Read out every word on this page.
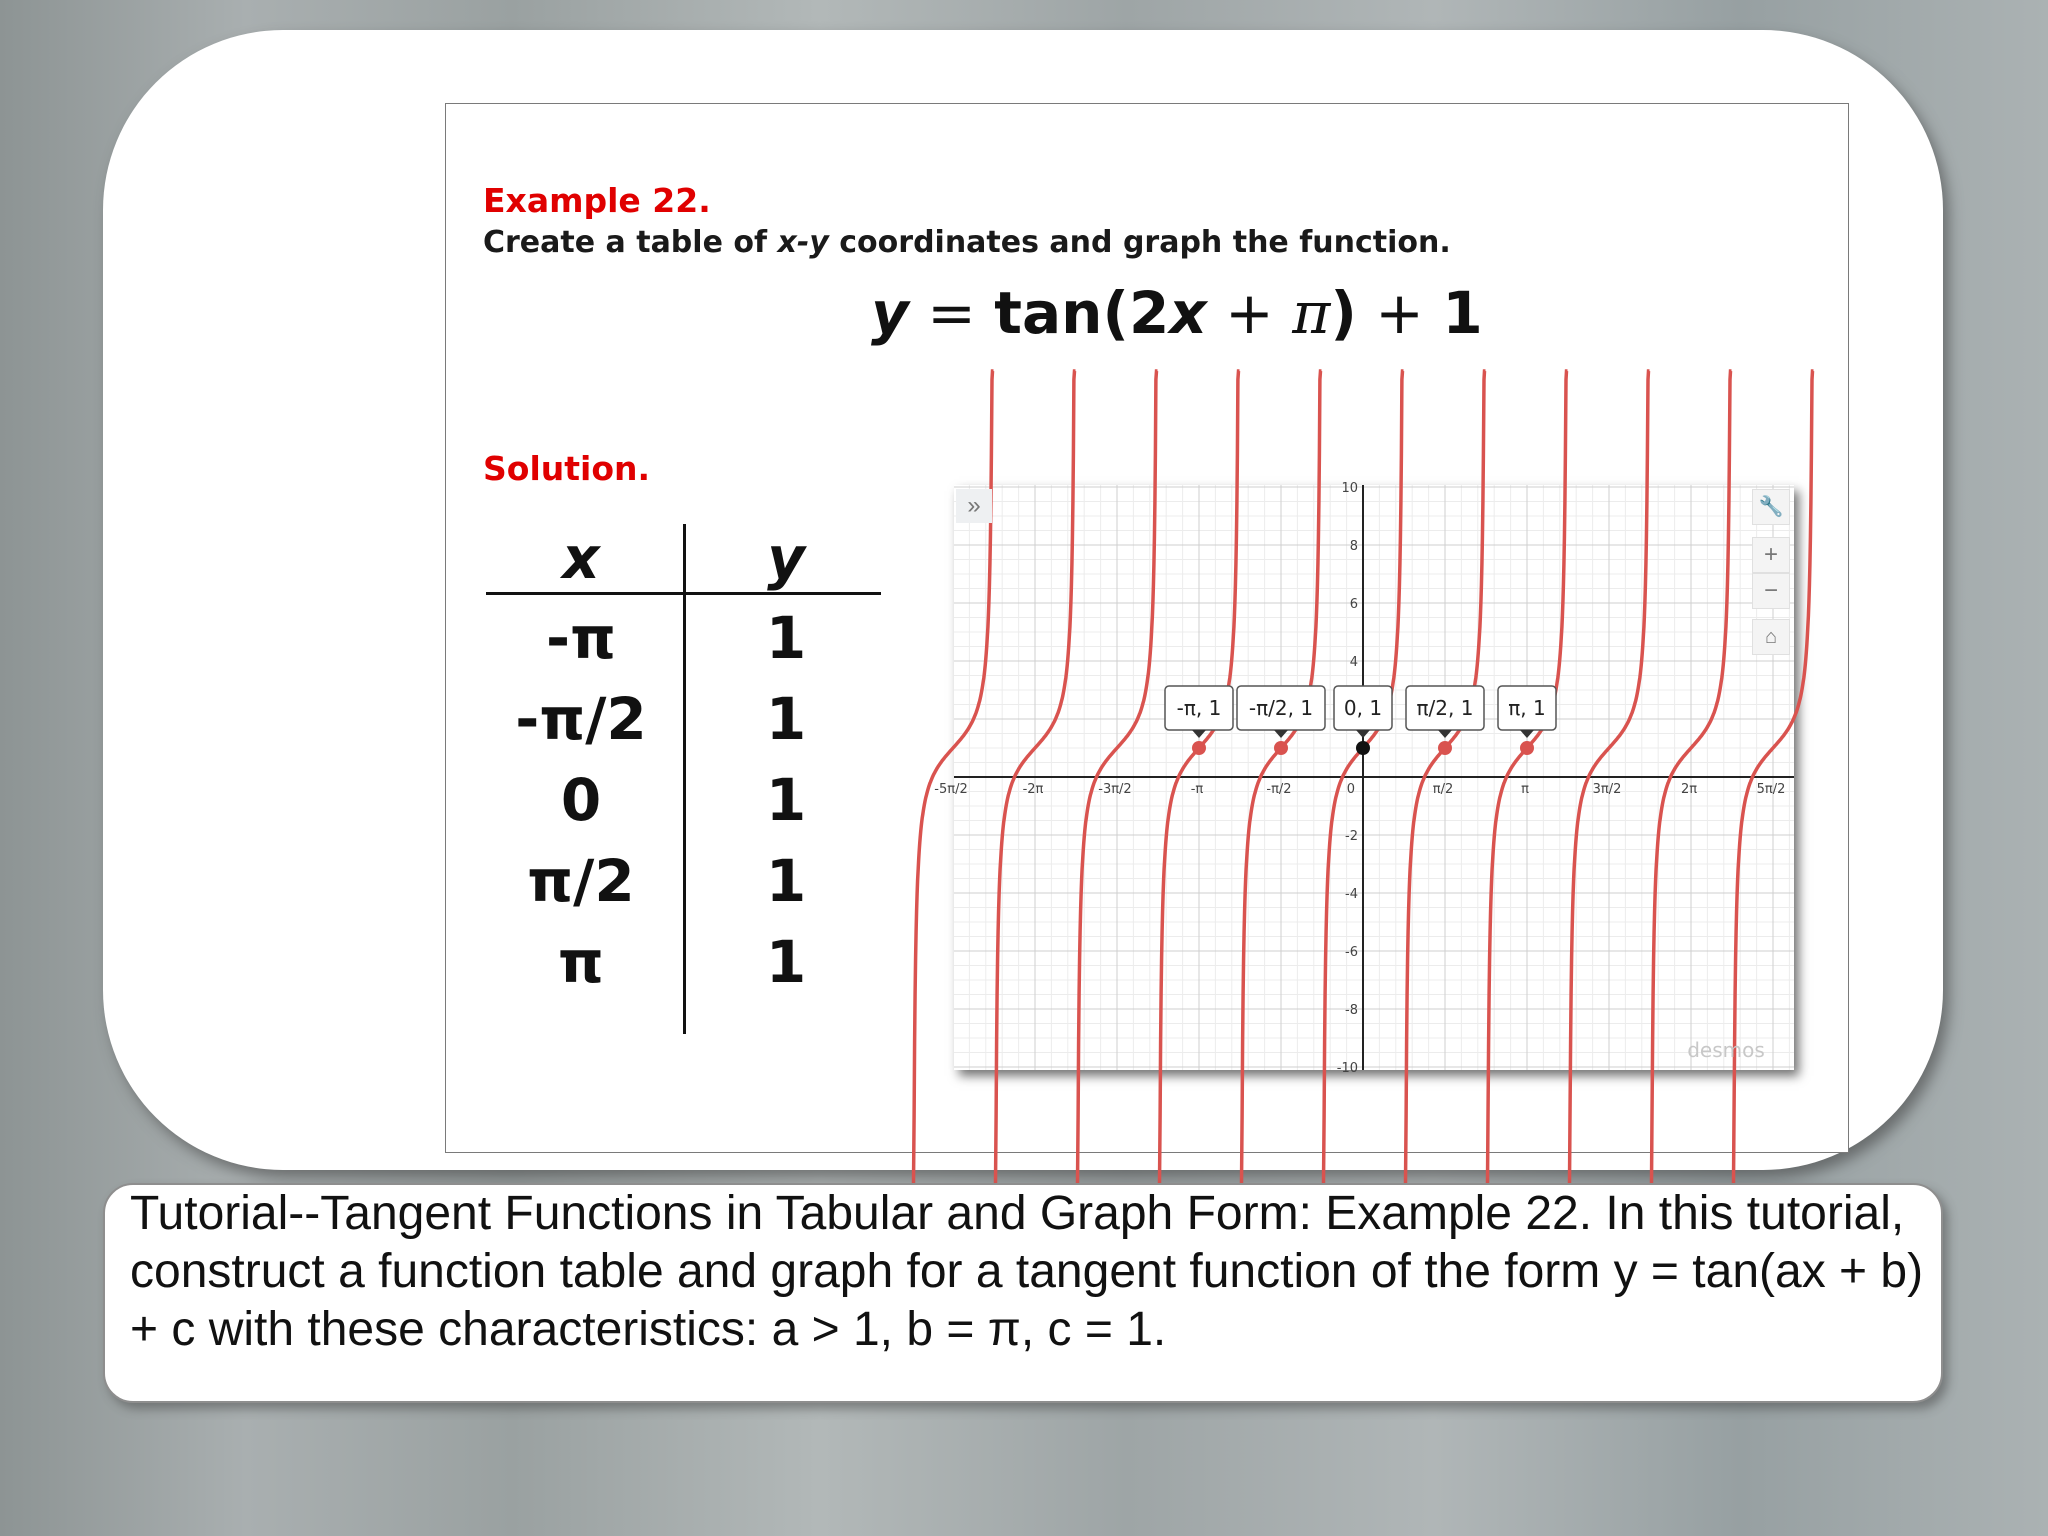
Example 22.

Create a table of x-y coordinates and graph the function.

y = tan(2x + π) + 1
Solution.
x	y
-π	1
-π/2	1
0	1
π/2	1
π	1
-5π/2	-2π	-3π/2	-π	-π/2	0	π/2	π	3π/2	2π	5π/2
10
8
6
4
-2
-4
-6
-8
-10
-π, 1 -π/2, 1 0, 1 π/2, 1 π, 1
desmos
»	🔧
+
−
⌂

Tutorial--Tangent Functions in Tabular and Graph Form: Example 22. In this tutorial, construct a function table and graph for a tangent function of the form y = tan(ax + b) + c with these characteristics: a > 1, b = π, c = 1.
